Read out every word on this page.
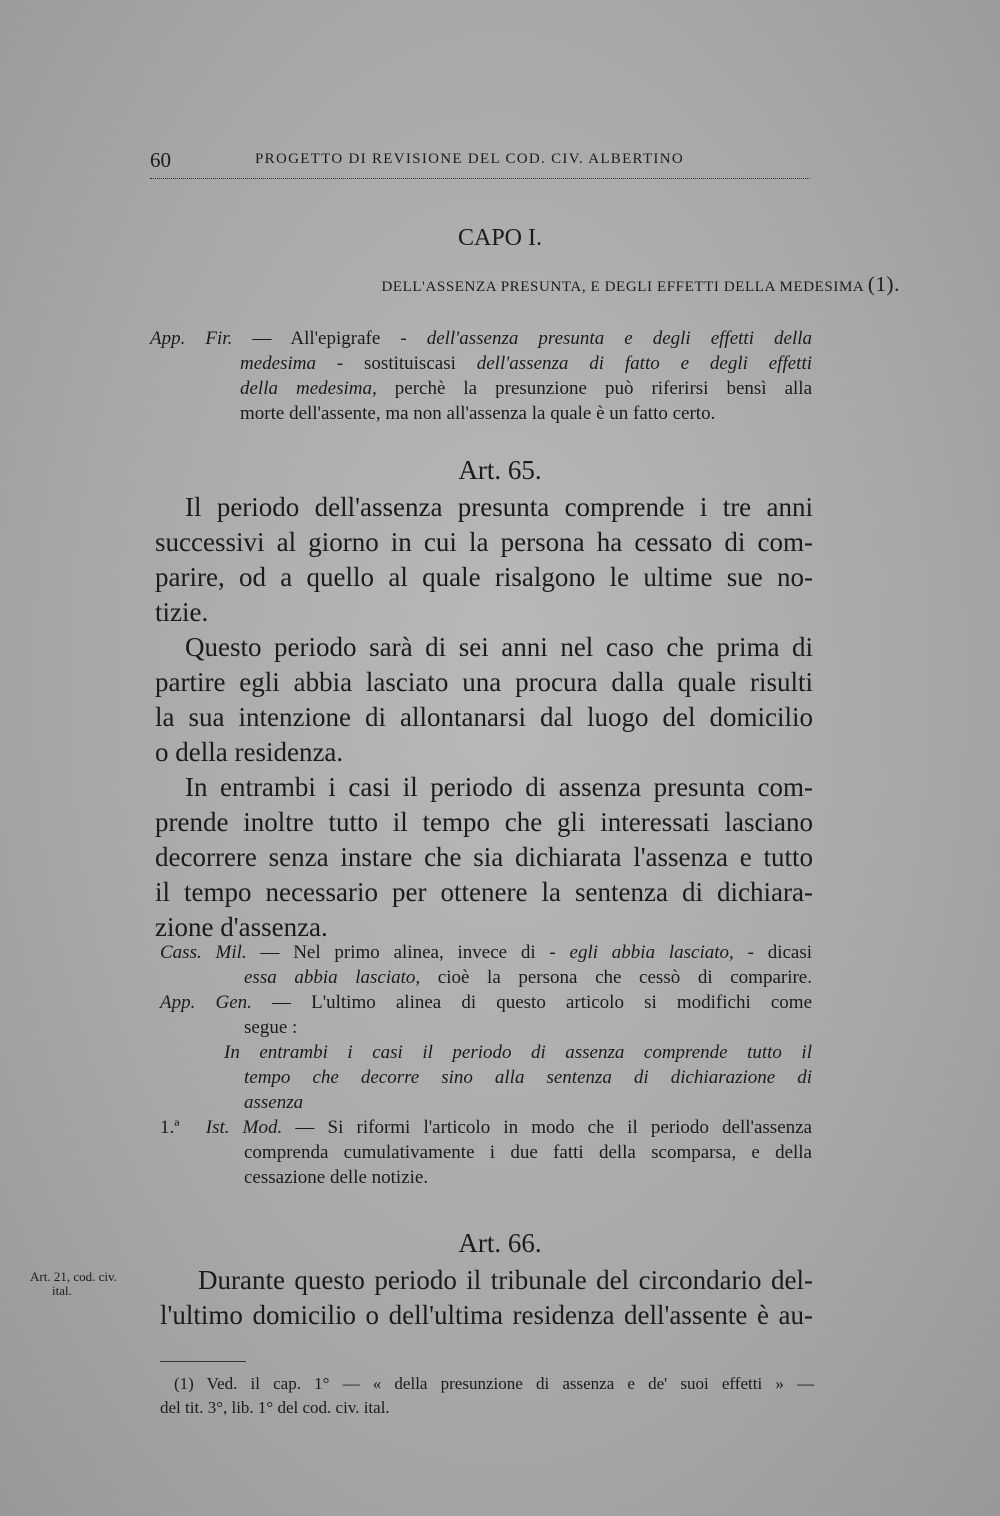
60	PROGETTO DI REVISIONE DEL COD. CIV. ALBERTINO
CAPO I.
DELL'ASSENZA PRESUNTA, E DEGLI EFFETTI DELLA MEDESIMA (1).
App. Fir. — All'epigrafe - dell'assenza presunta e degli effetti della
medesima - sostituiscasi dell'assenza di fatto e degli effetti
della medesima, perchè la presunzione può riferirsi bensì alla
morte dell'assente, ma non all'assenza la quale è un fatto certo.
Art. 65.
Il periodo dell'assenza presunta comprende i tre anni
successivi al giorno in cui la persona ha cessato di com-
parire, od a quello al quale risalgono le ultime sue no-
tizie.
Questo periodo sarà di sei anni nel caso che prima di
partire egli abbia lasciato una procura dalla quale risulti
la sua intenzione di allontanarsi dal luogo del domicilio
o della residenza.
In entrambi i casi il periodo di assenza presunta com-
prende inoltre tutto il tempo che gli interessati lasciano
decorrere senza instare che sia dichiarata l'assenza e tutto
il tempo necessario per ottenere la sentenza di dichiara-
zione d'assenza.
Cass. Mil. — Nel primo alinea, invece di - egli abbia lasciato, - dicasi
essa abbia lasciato, cioè la persona che cessò di comparire.
App. Gen. — L'ultimo alinea di questo articolo si modifichi come
segue :
In entrambi i casi il periodo di assenza comprende tutto il
tempo che decorre sino alla sentenza di dichiarazione di
assenza
1.ª Ist. Mod. — Si riformi l'articolo in modo che il periodo dell'assenza
comprenda cumulativamente i due fatti della scomparsa, e della
cessazione delle notizie.
Art. 66.
Art. 21, cod. civ.
ital.	Durante questo periodo il tribunale del circondario del-
l'ultimo domicilio o dell'ultima residenza dell'assente è au-
(1) Ved. il cap. 1° — « della presunzione di assenza e de' suoi effetti » —
del tit. 3°, lib. 1° del cod. civ. ital.
